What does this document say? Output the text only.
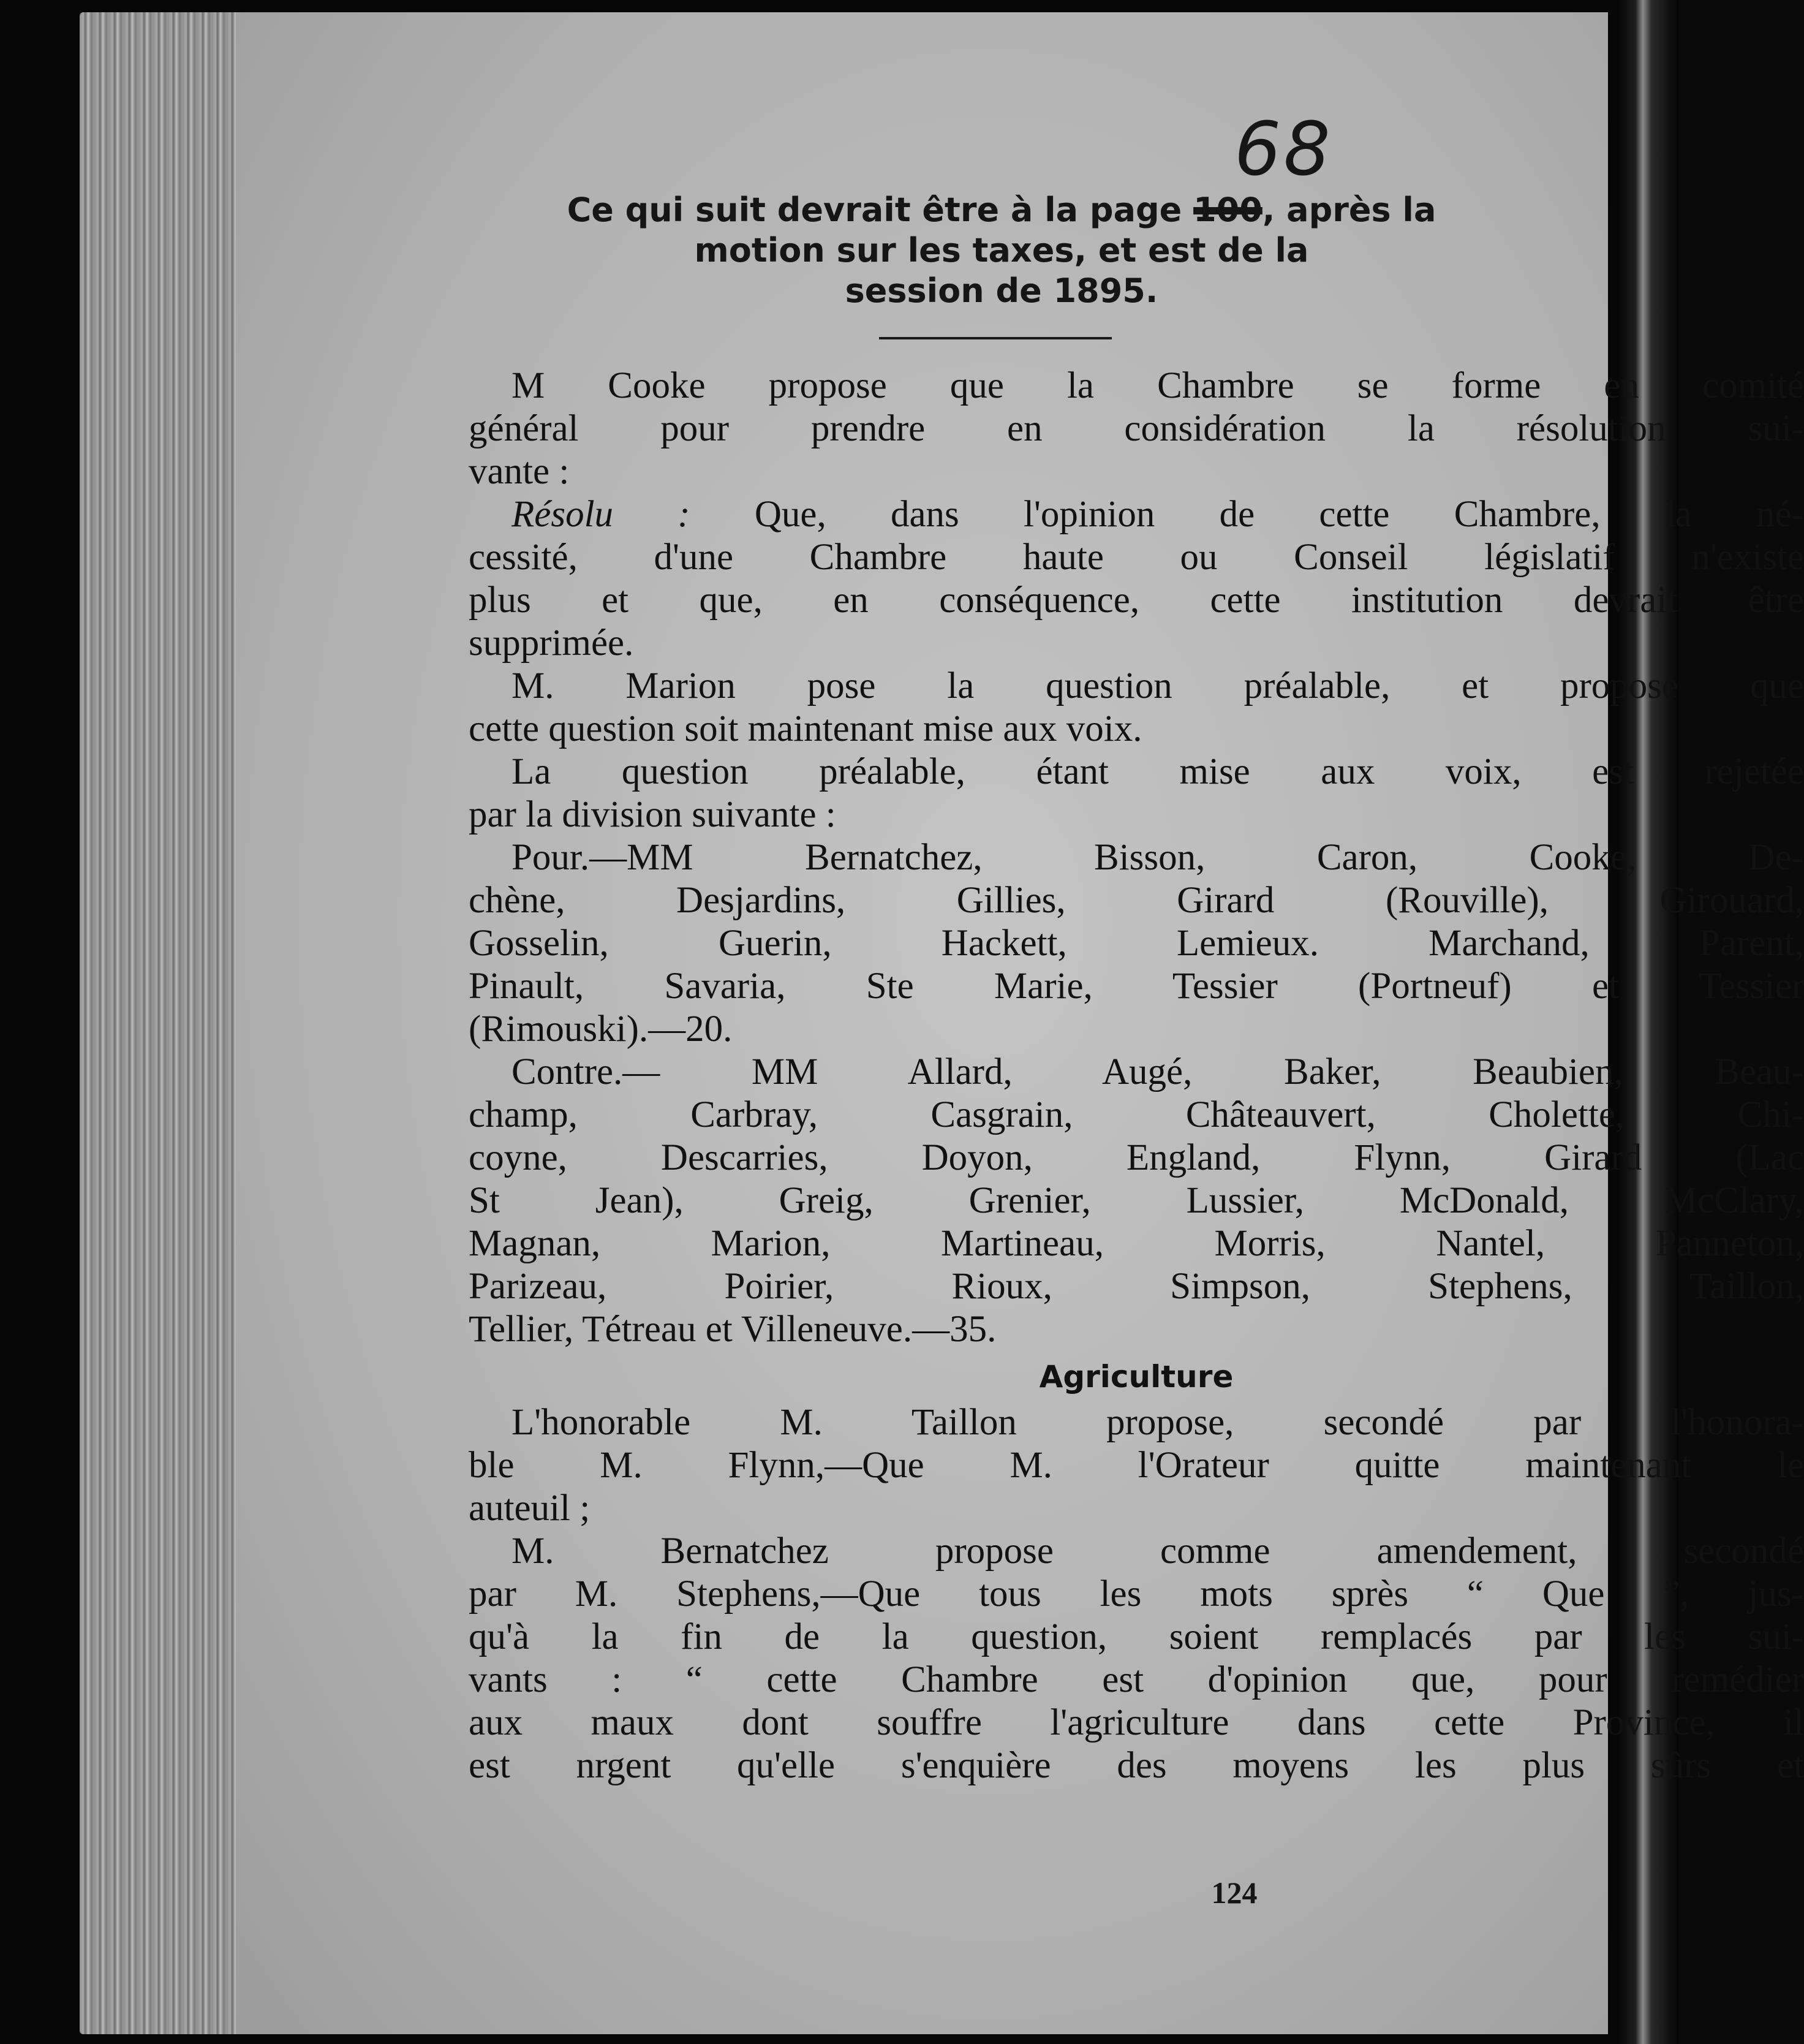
68
Ce qui suit devrait être à la page 100, après la
motion sur les taxes, et est de la
session de 1895.
M Cooke propose que la Chambre se forme en comité
général pour prendre en considération la résolution sui-
vante :
Résolu : Que, dans l'opinion de cette Chambre, la né-
cessité, d'une Chambre haute ou Conseil législatif n'existe
plus et que, en conséquence, cette institution devrait être
supprimée.
M. Marion pose la question préalable, et propose que
cette question soit maintenant mise aux voix.
La question préalable, étant mise aux voix, est rejetée
par la division suivante :
Pour.—MM Bernatchez, Bisson, Caron, Cooke, De-
chène, Desjardins, Gillies, Girard (Rouville), Girouard,
Gosselin, Guerin, Hackett, Lemieux. Marchand, Parent,
Pinault, Savaria, Ste Marie, Tessier (Portneuf) et Tessier
(Rimouski).—20.
Contre.— MM Allard, Augé, Baker, Beaubien, Beau-
champ, Carbray, Casgrain, Châteauvert, Cholette, Chi-
coyne, Descarries, Doyon, England, Flynn, Girard (Lac
St Jean), Greig, Grenier, Lussier, McDonald, McClary,
Magnan, Marion, Martineau, Morris, Nantel, Panneton,
Parizeau, Poirier, Rioux, Simpson, Stephens, Taillon,
Tellier, Tétreau et Villeneuve.—35.
Agriculture
L'honorable M. Taillon propose, secondé par l'honora-
ble M. Flynn,—Que M. l'Orateur quitte maintenant le
auteuil ;
M. Bernatchez propose comme amendement, secondé
par M. Stephens,—Que tous les mots sprès “ Que ”, jus-
qu'à la fin de la question, soient remplacés par les sui-
vants : “ cette Chambre est d'opinion que, pour remédier
aux maux dont souffre l'agriculture dans cette Province, il
est nrgent qu'elle s'enquière des moyens les plus sûrs et
124
